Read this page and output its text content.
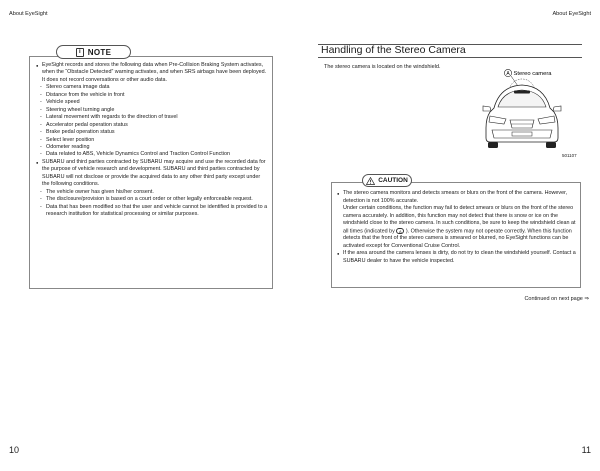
About EyeSight	About EyeSight
i NOTE
● EyeSight records and stores the following data when Pre-Collision Braking System activates, when the “Obstacle Detected” warning activates, and when SRS airbags have been deployed. It does not record conversations or other audio data.
- Stereo camera image data
- Distance from the vehicle in front
- Vehicle speed
- Steering wheel turning angle
- Lateral movement with regards to the direction of travel
- Accelerator pedal operation status
- Brake pedal operation status
- Select lever position
- Odometer reading
- Data related to ABS, Vehicle Dynamics Control and Traction Control Function
● SUBARU and third parties contracted by SUBARU may acquire and use the recorded data for the purpose of vehicle research and development. SUBARU and third parties contracted by SUBARU will not disclose or provide the acquired data to any other third party except under the following conditions.
- The vehicle owner has given his/her consent.
- The disclosure/provision is based on a court order or other legally enforceable request.
- Data that has been modified so that the user and vehicle cannot be identified is provided to a research institution for statistical processing or similar purposes.
Handling of the Stereo Camera
The stereo camera is located on the windshield.
A Stereo camera
501107
CAUTION
● The stereo camera monitors and detects smears or blurs on the front of the camera. However, detection is not 100% accurate.
Under certain conditions, the function may fail to detect smears or blurs on the front of the stereo camera accurately. In addition, this function may not detect that there is snow or ice on the windshield close to the stereo camera. In such conditions, be sure to keep the windshield clean at all times (indicated by A ). Otherwise the system may not operate correctly. When this function detects that the front of the stereo camera is smeared or blurred, no EyeSight functions can be activated except for Conventional Cruise Control.
● If the area around the camera lenses is dirty, do not try to clean the windshield yourself. Contact a SUBARU dealer to have the vehicle inspected.
Continued on next page ⇒
10	11
